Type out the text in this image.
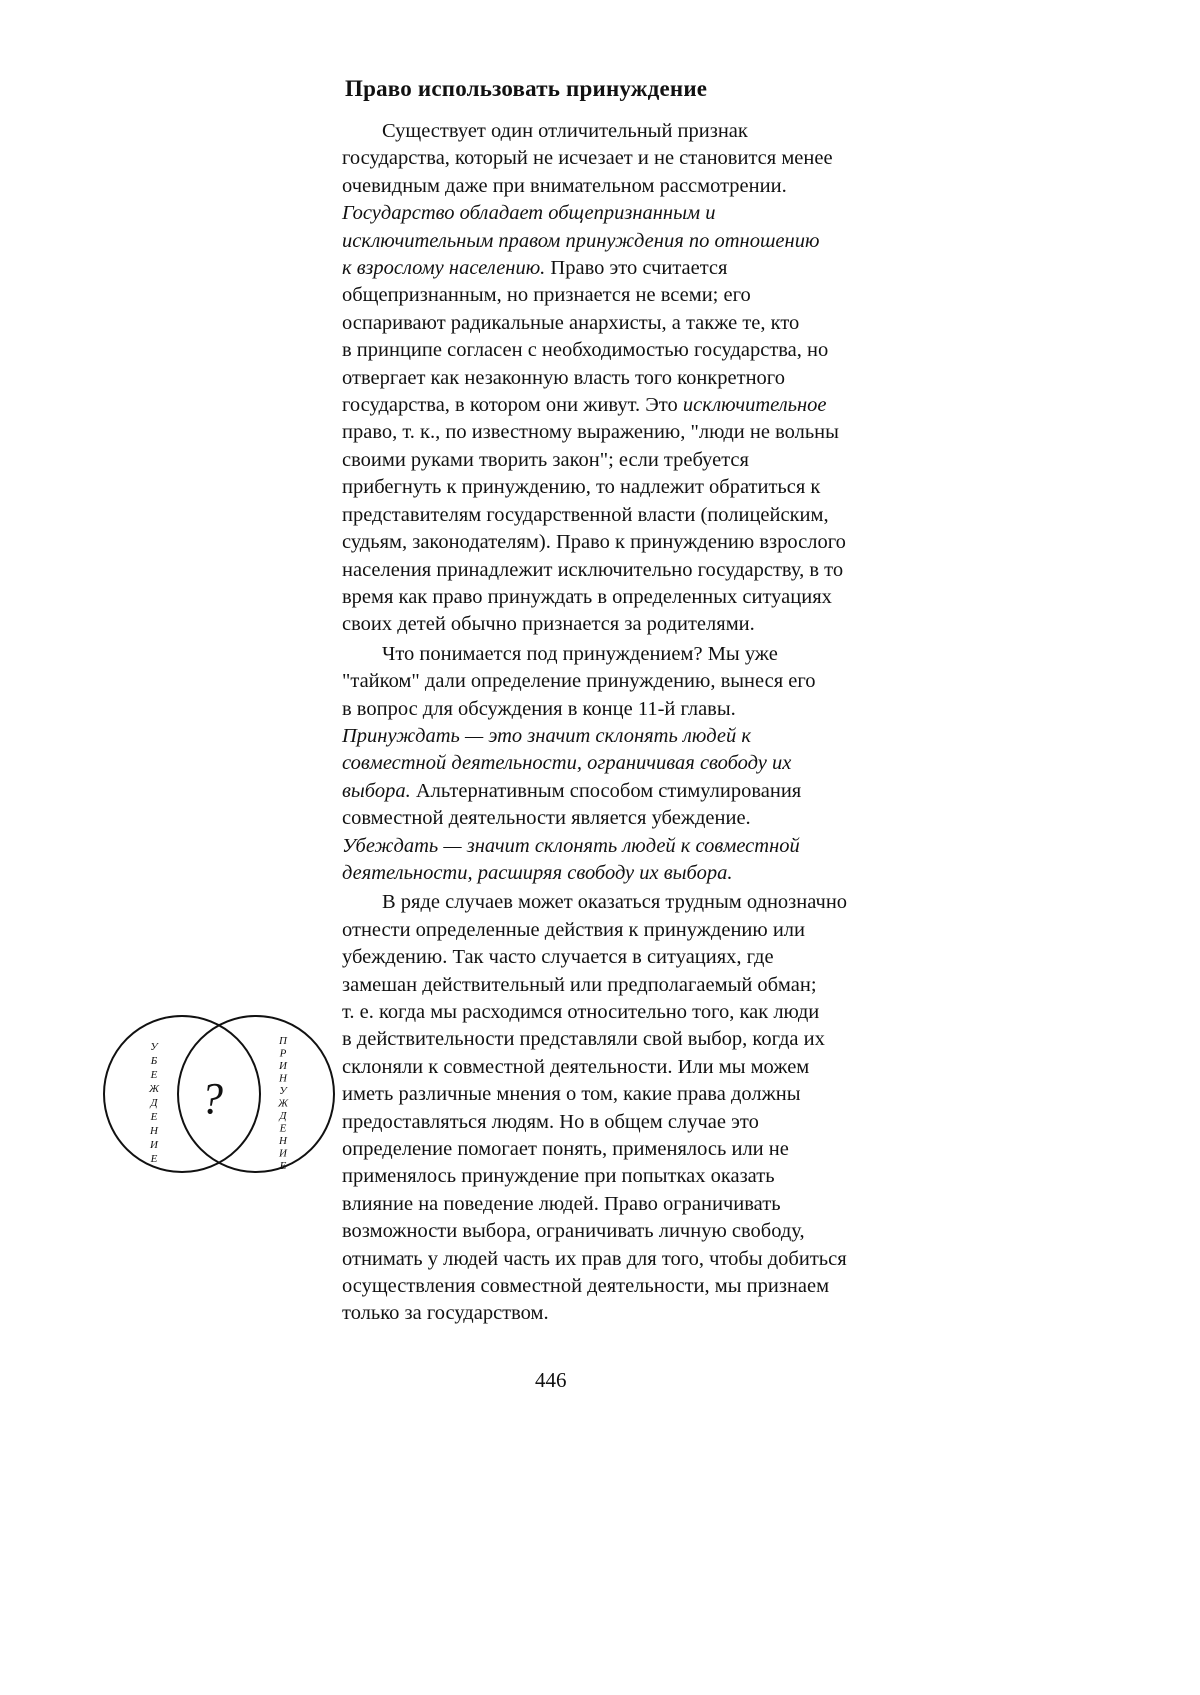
Право использовать принуждение
Существует один отличительный признак
государства, который не исчезает и не становится менее
очевидным даже при внимательном рассмотрении.
Государство обладает общепризнанным и
исключительным правом принуждения по отношению
к взрослому населению. Право это считается
общепризнанным, но признается не всеми; его
оспаривают радикальные анархисты, а также те, кто
в принципе согласен с необходимостью государства, но
отвергает как незаконную власть того конкретного
государства, в котором они живут. Это исключительное
право, т. к., по известному выражению, "люди не вольны
своими руками творить закон"; если требуется
прибегнуть к принуждению, то надлежит обратиться к
представителям государственной власти (полицейским,
судьям, законодателям). Право к принуждению взрослого
населения принадлежит исключительно государству, в то
время как право принуждать в определенных ситуациях
своих детей обычно признается за родителями.
Что понимается под принуждением? Мы уже
"тайком" дали определение принуждению, вынеся его
в вопрос для обсуждения в конце 11-й главы.
Принуждать — это значит склонять людей к
совместной деятельности, ограничивая свободу их
выбора. Альтернативным способом стимулирования
совместной деятельности является убеждение.
Убеждать — значит склонять людей к совместной
деятельности, расширяя свободу их выбора.
В ряде случаев может оказаться трудным однозначно
отнести определенные действия к принуждению или
убеждению. Так часто случается в ситуациях, где
замешан действительный или предполагаемый обман;
т. е. когда мы расходимся относительно того, как люди
в действительности представляли свой выбор, когда их
склоняли к совместной деятельности. Или мы можем
иметь различные мнения о том, какие права должны
предоставляться людям. Но в общем случае это
определение помогает понять, применялось или не
применялось принуждение при попытках оказать
влияние на поведение людей. Право ограничивать
возможности выбора, ограничивать личную свободу,
отнимать у людей часть их прав для того, чтобы добиться
осуществления совместной деятельности, мы признаем
только за государством.
?
У
Б
Е
Ж
Д
Е
Н
И
Е
П
Р
И
Н
У
Ж
Д
Е
Н
И
Е
446
